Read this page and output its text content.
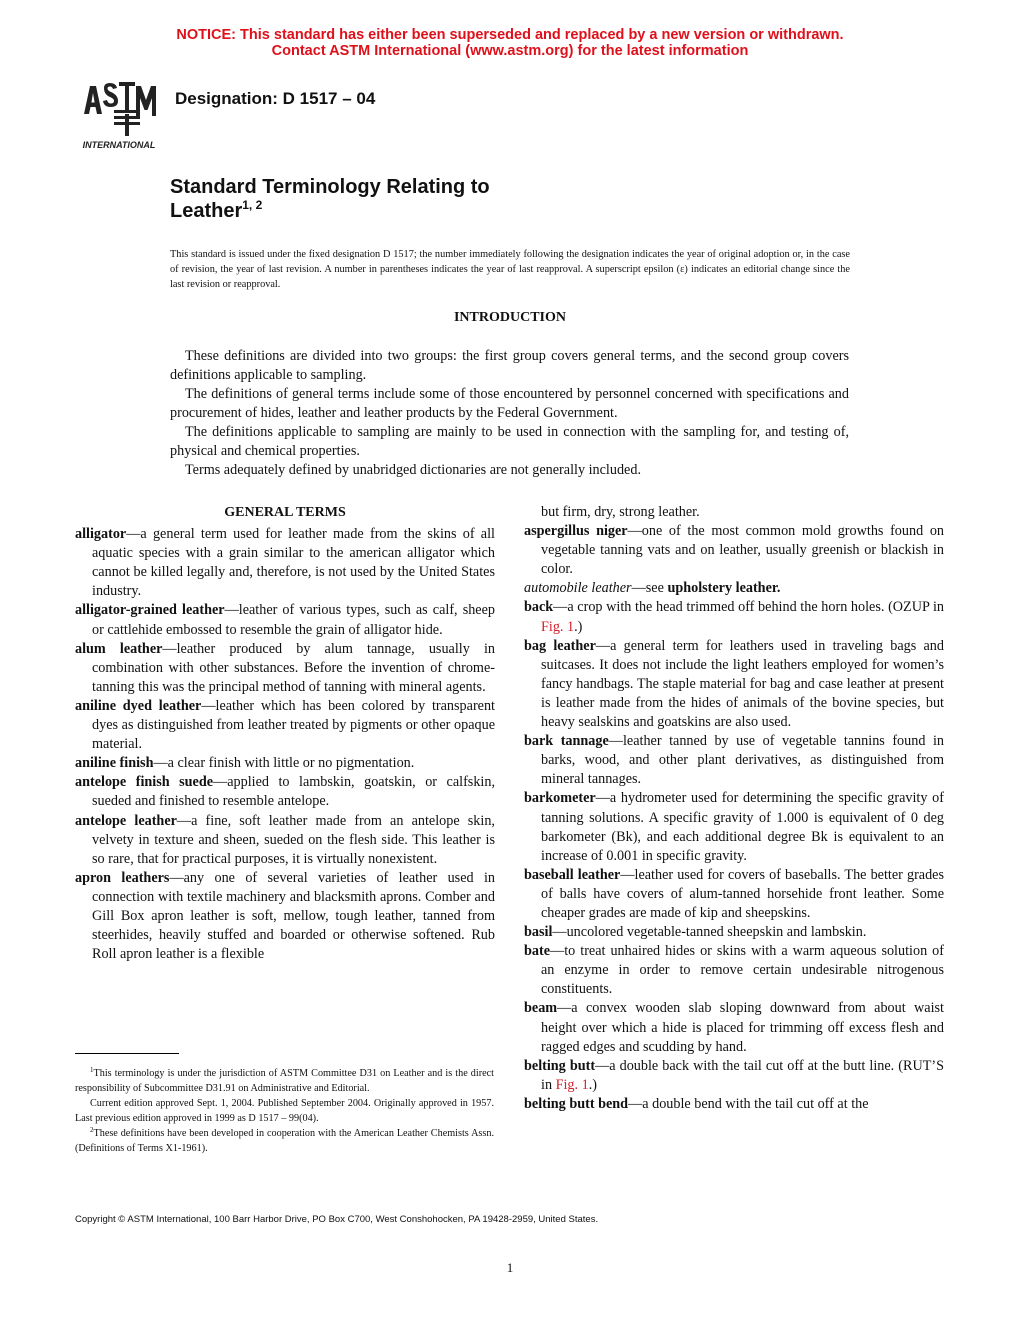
NOTICE: This standard has either been superseded and replaced by a new version or withdrawn.
Contact ASTM International (www.astm.org) for the latest information
INTERNATIONAL
Designation: D 1517 – 04
Standard Terminology Relating to
Leather$^{1, 2}$
This standard is issued under the fixed designation D 1517; the number immediately following the designation indicates the year of original adoption or, in the case of revision, the year of last revision. A number in parentheses indicates the year of last reapproval. A superscript epsilon (ε) indicates an editorial change since the last revision or reapproval.
INTRODUCTION

These definitions are divided into two groups: the first group covers general terms, and the second group covers definitions applicable to sampling.

The definitions of general terms include some of those encountered by personnel concerned with specifications and procurement of hides, leather and leather products by the Federal Government.

The definitions applicable to sampling are mainly to be used in connection with the sampling for, and testing of, physical and chemical properties.

Terms adequately defined by unabridged dictionaries are not generally included.

GENERAL TERMS

alligator—a general term used for leather made from the skins of all aquatic species with a grain similar to the american alligator which cannot be killed legally and, therefore, is not used by the United States industry.

alligator-grained leather—leather of various types, such as calf, sheep or cattlehide embossed to resemble the grain of alligator hide.

alum leather—leather produced by alum tannage, usually in combination with other substances. Before the invention of chrome-tanning this was the principal method of tanning with mineral agents.

aniline dyed leather—leather which has been colored by transparent dyes as distinguished from leather treated by pigments or other opaque material.

aniline finish—a clear finish with little or no pigmentation.

antelope finish suede—applied to lambskin, goatskin, or calfskin, sueded and finished to resemble antelope.

antelope leather—a fine, soft leather made from an antelope skin, velvety in texture and sheen, sueded on the flesh side. This leather is so rare, that for practical purposes, it is virtually nonexistent.

apron leathers—any one of several varieties of leather used in connection with textile machinery and blacksmith aprons. Comber and Gill Box apron leather is soft, mellow, tough leather, tanned from steerhides, heavily stuffed and boarded or otherwise softened. Rub Roll apron leather is a flexible

but firm, dry, strong leather.

aspergillus niger—one of the most common mold growths found on vegetable tanning vats and on leather, usually greenish or blackish in color.

automobile leather—see upholstery leather.

back—a crop with the head trimmed off behind the horn holes. (OZUP in Fig. 1.)

bag leather—a general term for leathers used in traveling bags and suitcases. It does not include the light leathers employed for women’s fancy handbags. The staple material for bag and case leather at present is leather made from the hides of animals of the bovine species, but heavy sealskins and goatskins are also used.

bark tannage—leather tanned by use of vegetable tannins found in barks, wood, and other plant derivatives, as distinguished from mineral tannages.

barkometer—a hydrometer used for determining the specific gravity of tanning solutions. A specific gravity of 1.000 is equivalent of 0 deg barkometer (Bk), and each additional degree Bk is equivalent to an increase of 0.001 in specific gravity.

baseball leather—leather used for covers of baseballs. The better grades of balls have covers of alum-tanned horsehide front leather. Some cheaper grades are made of kip and sheepskins.

basil—uncolored vegetable-tanned sheepskin and lambskin.

bate—to treat unhaired hides or skins with a warm aqueous solution of an enzyme in order to remove certain undesirable nitrogenous constituents.

beam—a convex wooden slab sloping downward from about waist height over which a hide is placed for trimming off excess flesh and ragged edges and scudding by hand.

belting butt—a double back with the tail cut off at the butt line. (RUT’S in Fig. 1.)

belting butt bend—a double bend with the tail cut off at the

$^1$This terminology is under the jurisdiction of ASTM Committee D31 on Leather and is the direct responsibility of Subcommittee D31.91 on Administrative and Editorial.

Current edition approved Sept. 1, 2004. Published September 2004. Originally approved in 1957. Last previous edition approved in 1999 as D 1517 – 99(04).

$^2$These definitions have been developed in cooperation with the American Leather Chemists Assn. (Definitions of Terms X1-1961).

Copyright © ASTM International, 100 Barr Harbor Drive, PO Box C700, West Conshohocken, PA 19428-2959, United States.
1
